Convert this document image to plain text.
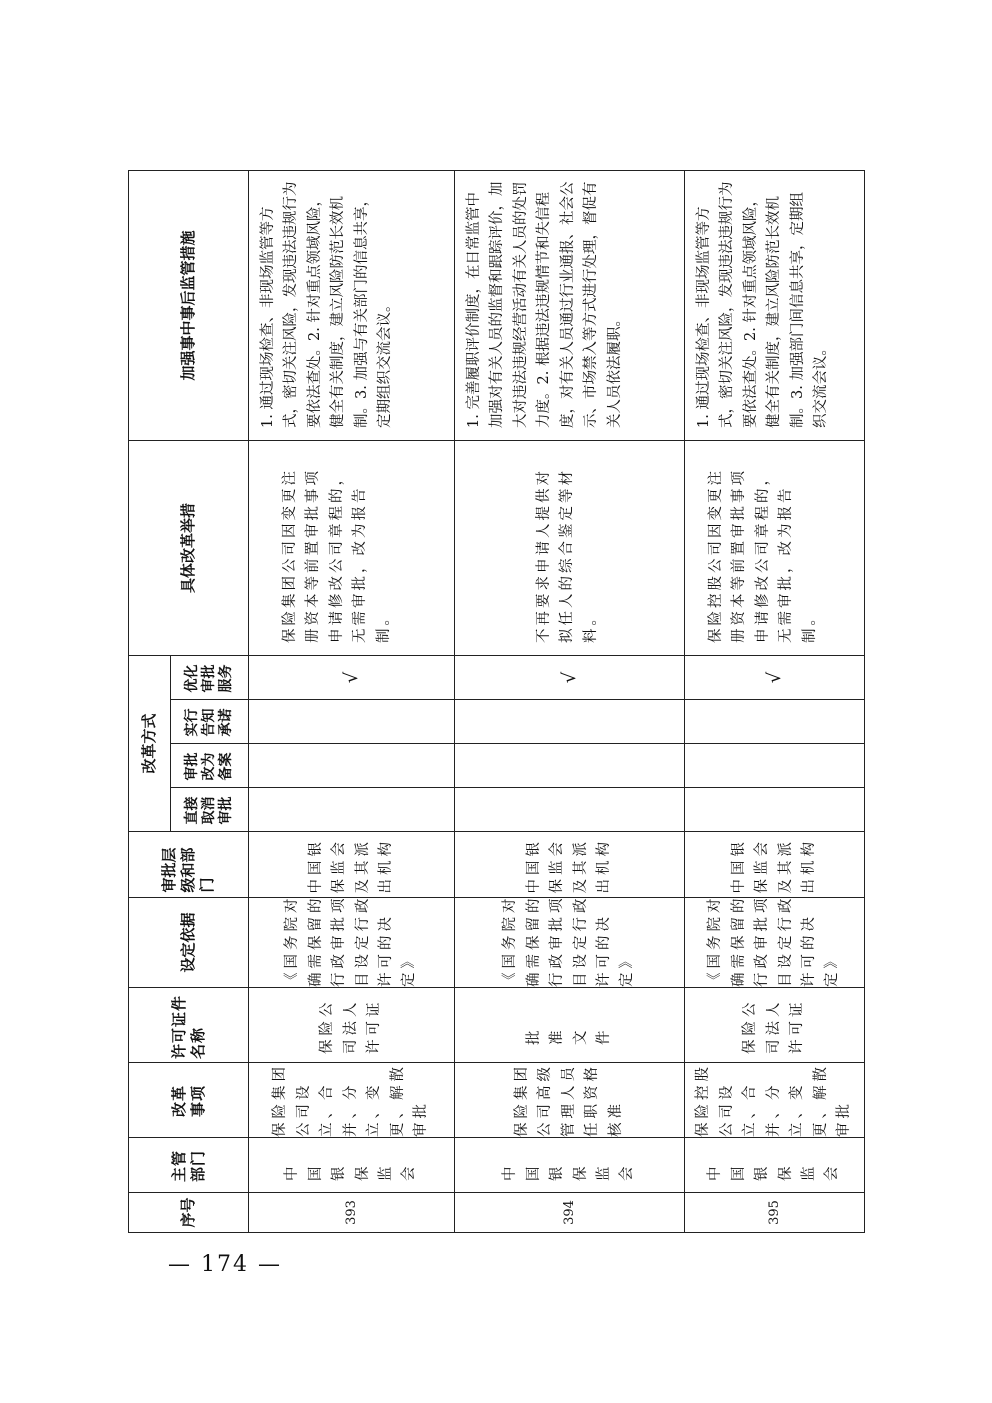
序号	主管部门	改革事项	许可证件名称	设定依据	审批层级和部门	改革方式				具体改革举措	加强事中事后监管措施
						直接取消审批	审批改为备案	实行告知承诺	优化审批服务		
393	中国银保监会	保险集团公司设立、合并、分立、变更、解散审批	保险公司法人许可证	《国务院对确需保留的行政审批项目设定行政许可的决定》	中国银保监会及其派出机构				√	保险集团公司因变更注册资本等前置审批事项申请修改公司章程的，无需审批，改为报告制。	1. 通过现场检查、非现场监管等方式，密切关注风险，发现违法违规行为要依法查处。2. 针对重点领域风险，健全有关制度，建立风险防范长效机制。3. 加强与有关部门的信息共享，定期组织交流会议。
394	中国银保监会	保险集团公司高级管理人员任职资格核准	批准文件	《国务院对确需保留的行政审批项目设定行政许可的决定》	中国银保监会及其派出机构				√	不再要求申请人提供对拟任人的综合鉴定等材料。	1. 完善履职评价制度，在日常监管中加强对有关人员的监督和跟踪评价，加大对违法违规经营活动有关人员的处罚力度。2. 根据违法违规情节和失信程度，对有关人员通过行业通报、社会公示、市场禁入等方式进行处理，督促有关人员依法履职。
395	中国银保监会	保险控股公司设立、合并、分立、变更、解散审批	保险公司法人许可证	《国务院对确需保留的行政审批项目设定行政许可的决定》	中国银保监会及其派出机构				√	保险控股公司因变更注册资本等前置审批事项申请修改公司章程的，无需审批，改为报告制。	1. 通过现场检查、非现场监管等方式，密切关注风险，发现违法违规行为要依法查处。2. 针对重点领域风险，健全有关制度，建立风险防范长效机制。3. 加强部门间信息共享，定期组织交流会议。
— 174 —
